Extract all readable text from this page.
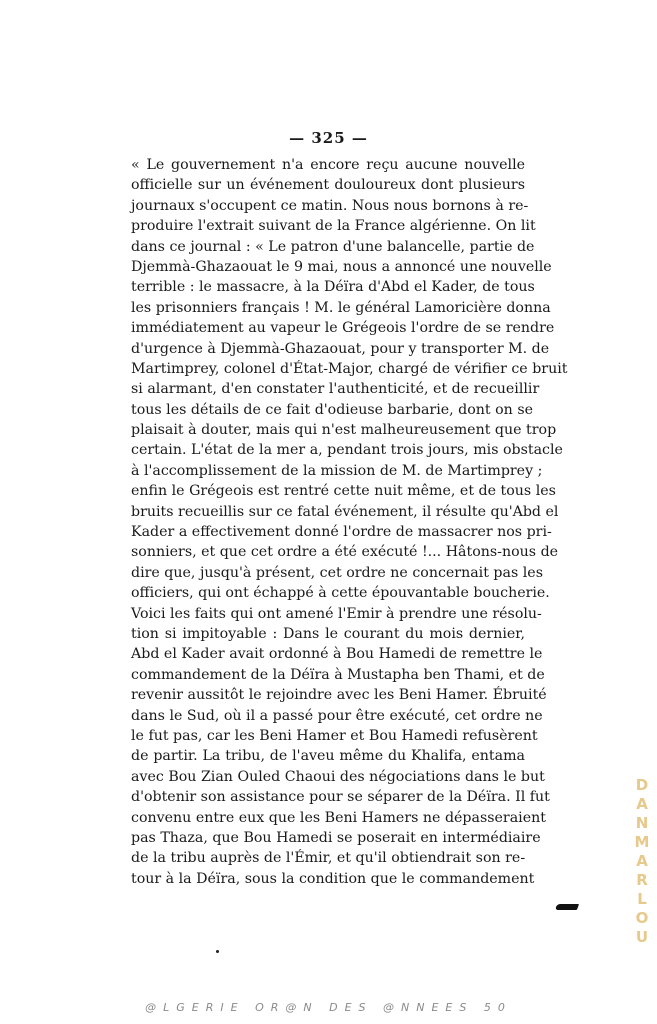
— 325 —
« Le gouvernement n'a encore reçu aucune nouvelle
officielle sur un événement douloureux dont plusieurs
journaux s'occupent ce matin. Nous nous bornons à re-
produire l'extrait suivant de la France algérienne. On lit
dans ce journal : « Le patron d'une balancelle, partie de
Djemmà-Ghazaouat le 9 mai, nous a annoncé une nouvelle
terrible : le massacre, à la Déïra d'Abd el Kader, de tous
les prisonniers français ! M. le général Lamoricière donna
immédiatement au vapeur le Grégeois l'ordre de se rendre
d'urgence à Djemmà-Ghazaouat, pour y transporter M. de
Martimprey, colonel d'État-Major, chargé de vérifier ce bruit
si alarmant, d'en constater l'authenticité, et de recueillir
tous les détails de ce fait d'odieuse barbarie, dont on se
plaisait à douter, mais qui n'est malheureusement que trop
certain. L'état de la mer a, pendant trois jours, mis obstacle
à l'accomplissement de la mission de M. de Martimprey ;
enfin le Grégeois est rentré cette nuit même, et de tous les
bruits recueillis sur ce fatal événement, il résulte qu'Abd el
Kader a effectivement donné l'ordre de massacrer nos pri-
sonniers, et que cet ordre a été exécuté !... Hâtons-nous de
dire que, jusqu'à présent, cet ordre ne concernait pas les
officiers, qui ont échappé à cette épouvantable boucherie.
Voici les faits qui ont amené l'Emir à prendre une résolu-
tion si impitoyable : Dans le courant du mois dernier,
Abd el Kader avait ordonné à Bou Hamedi de remettre le
commandement de la Déïra à Mustapha ben Thami, et de
revenir aussitôt le rejoindre avec les Beni Hamer. Ébruité
dans le Sud, où il a passé pour être exécuté, cet ordre ne
le fut pas, car les Beni Hamer et Bou Hamedi refusèrent
de partir. La tribu, de l'aveu même du Khalifa, entama
avec Bou Zian Ouled Chaoui des négociations dans le but
d'obtenir son assistance pour se séparer de la Déïra. Il fut
convenu entre eux que les Beni Hamers ne dépasseraient
pas Thaza, que Bou Hamedi se poserait en intermédiaire
de la tribu auprès de l'Émir, et qu'il obtiendrait son re-
tour à la Déïra, sous la condition que le commandement	DANMARLOU
@LGERIE OR@N DES @NNEES 50
